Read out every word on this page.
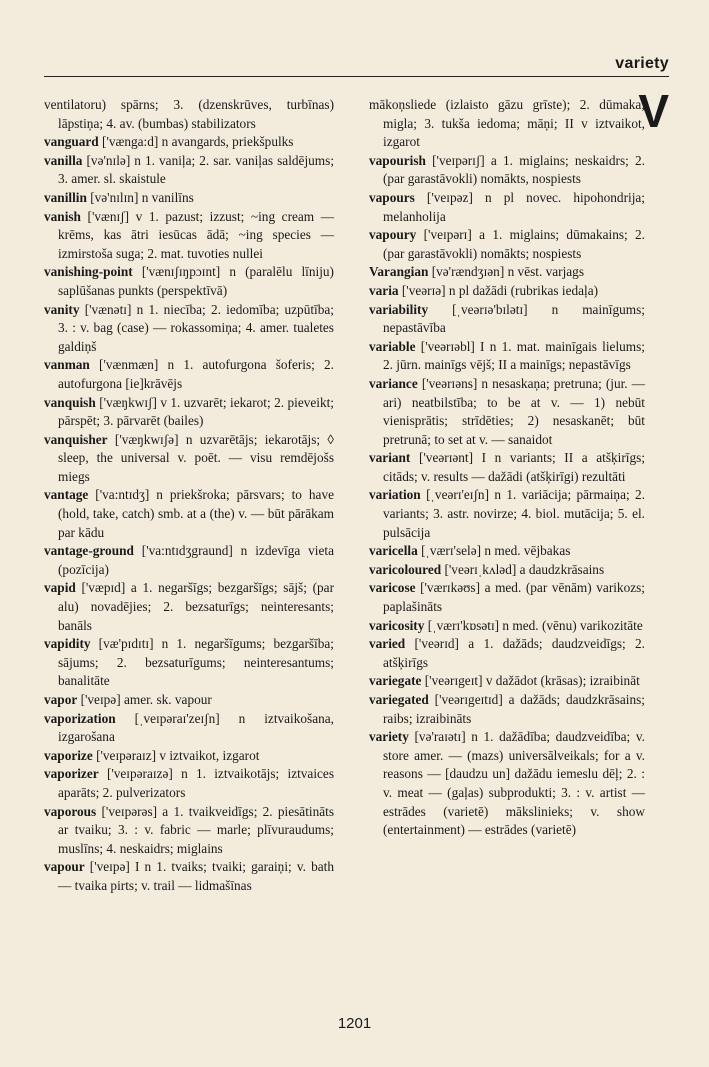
variety
V

ventilatoru) spārns; 3. (dzenskrūves, turbīnas) lāpstiņa; 4. av. (bumbas) stabilizators

vanguard ['vænga:d] n avangards, priekšpulks

vanilla [və'nɪlə] n 1. vaniļa; 2. sar. vaniļas saldējums; 3. amer. sl. skaistule

vanillin [və'nɪlɪn] n vanilīns

vanish ['vænɪʃ] v 1. pazust; izzust; ~ing cream — krēms, kas ātri iesūcas ādā; ~ing species — izmirstoša suga; 2. mat. tuvoties nullei

vanishing-point ['vænɪʃɪŋpɔɪnt] n (paralēlu līniju) saplūšanas punkts (perspektīvā)

vanity ['vænətɪ] n 1. niecība; 2. iedomība; uzpūtība; 3. : v. bag (case) — rokassomiņa; 4. amer. tualetes galdiņš

vanman ['vænmæn] n 1. autofurgona šoferis; 2. autofurgona [ie]krāvējs

vanquish ['væŋkwɪʃ] v 1. uzvarēt; iekarot; 2. pieveikt; pārspēt; 3. pārvarēt (bailes)

vanquisher ['væŋkwɪʃə] n uzvarētājs; iekarotājs; ◊ sleep, the universal v. poēt. — visu remdējošs miegs

vantage ['va:ntɪdʒ] n priekšroka; pārsvars; to have (hold, take, catch) smb. at a (the) v. — būt pārākam par kādu

vantage-ground ['va:ntɪdʒgraund] n izdevīga vieta (pozīcija)

vapid ['væpɪd] a 1. negaršīgs; bezgaršīgs; sājš; (par alu) novadējies; 2. bezsaturīgs; neinteresants; banāls

vapidity [væ'pɪdɪtɪ] n 1. negaršīgums; bezgaršība; sājums; 2. bezsaturīgums; neinteresantums; banalitāte

vapor ['veɪpə] amer. sk. vapour

vaporization [ˌveɪpəraɪ'zeɪʃn] n iztvaikošana, izgarošana

vaporize ['veɪpəraɪz] v iztvaikot, izgarot

vaporizer ['veɪpəraɪzə] n 1. iztvaikotājs; iztvaices aparāts; 2. pulverizators

vaporous ['veɪpərəs] a 1. tvaikveidīgs; 2. piesātināts ar tvaiku; 3. : v. fabric — marle; plīvuraudums; muslīns; 4. neskaidrs; miglains

vapour ['veɪpə] I n 1. tvaiks; tvaiki; garaiņi; v. bath — tvaika pirts; v. trail — lidmašīnas

mākoņsliede (izlaisto gāzu grīste); 2. dūmaka; migla; 3. tukša iedoma; māņi; II v iztvaikot, izgarot

vapourish ['veɪpərɪʃ] a 1. miglains; neskaidrs; 2. (par garastāvokli) nomākts, nospiests

vapours ['veɪpəz] n pl novec. hipohondrija; melanholija

vapoury ['veɪpərɪ] a 1. miglains; dūmakains; 2. (par garastāvokli) nomākts; nospiests

Varangian [və'rændʒɪən] n vēst. varjags

varia ['veərɪə] n pl dažādi (rubrikas iedaļa)

variability [ˌveərɪə'bɪlətɪ] n mainīgums; nepastāvība

variable ['veərɪəbl] I n 1. mat. mainīgais lielums; 2. jūrn. mainīgs vējš; II a mainīgs; nepastāvīgs

variance ['veərɪəns] n nesaskaņa; pretruna; (jur. — ari) neatbilstība; to be at v. — 1) nebūt vienisprātis; strīdēties; 2) nesaskanēt; būt pretrunā; to set at v. — sanaidot

variant ['veərɪənt] I n variants; II a atšķirīgs; citāds; v. results — dažādi (atšķirīgi) rezultāti

variation [ˌveərɪ'eɪʃn] n 1. variācija; pārmaiņa; 2. variants; 3. astr. novirze; 4. biol. mutācija; 5. el. pulsācija

varicella [ˌværɪ'selə] n med. vējbakas

varicoloured ['veərɪˌkʌləd] a daudzkrāsains

varicose ['værɪkəʊs] a med. (par vēnām) varikozs; paplašināts

varicosity [ˌværɪ'kɒsətɪ] n med. (vēnu) varikozitāte

varied ['veərɪd] a 1. dažāds; daudzveidīgs; 2. atšķirīgs

variegate ['veərɪgeɪt] v dažādot (krāsas); izraibināt

variegated ['veərɪgeɪtɪd] a dažāds; daudzkrāsains; raibs; izraibināts

variety [və'raɪətɪ] n 1. dažādība; daudzveidība; v. store amer. — (mazs) universālveikals; for a v. reasons — [daudzu un] dažādu iemeslu dēļ; 2. : v. meat — (gaļas) subprodukti; 3. : v. artist — estrādes (varietē) mākslinieks; v. show (entertainment) — estrādes (varietē)

1201
